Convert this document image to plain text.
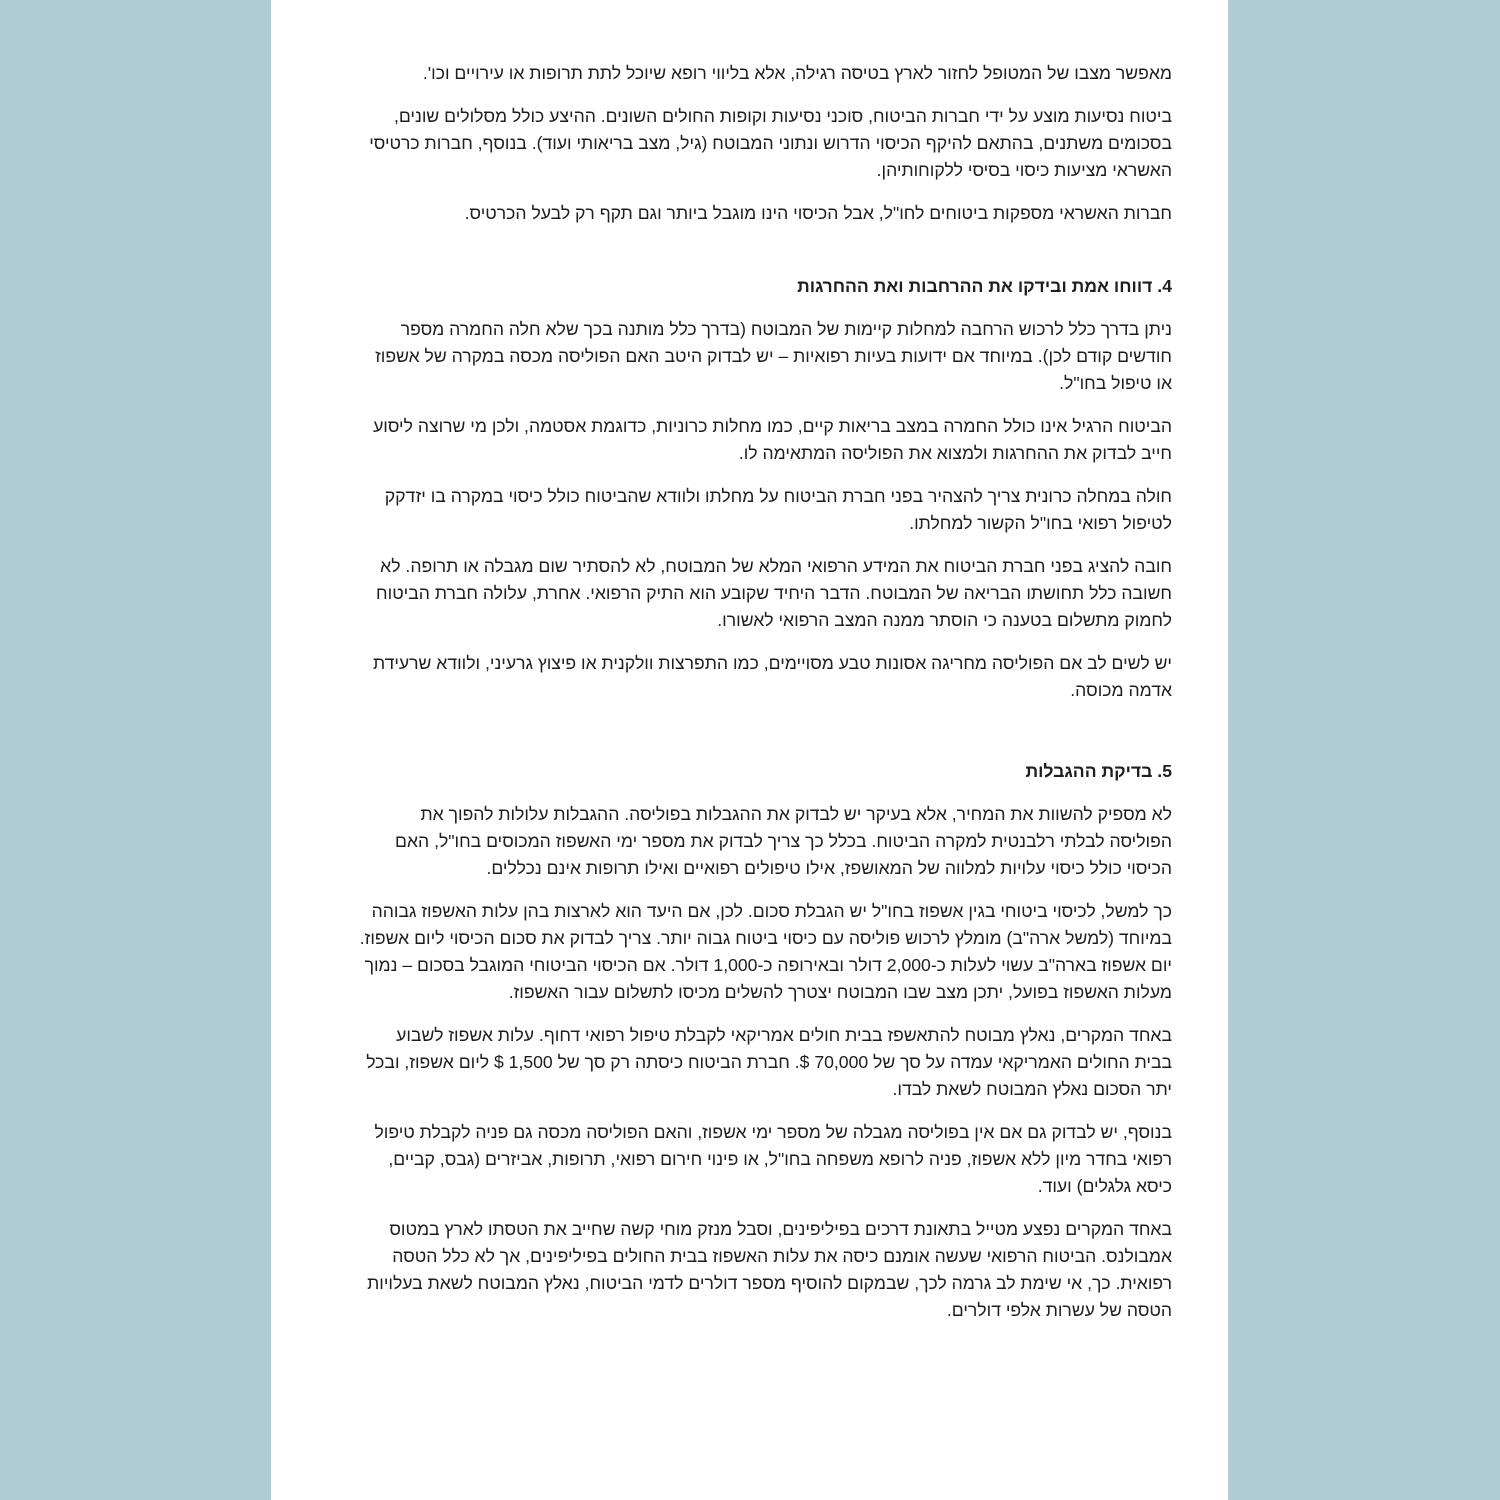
מאפשר מצבו של המטופל לחזור לארץ בטיסה רגילה, אלא בליווי רופא שיוכל לתת תרופות או עירויים וכו'.

ביטוח נסיעות מוצע על ידי חברות הביטוח, סוכני נסיעות וקופות החולים השונים. ההיצע כולל מסלולים שונים, בסכומים משתנים, בהתאם להיקף הכיסוי הדרוש ונתוני המבוטח (גיל, מצב בריאותי ועוד). בנוסף, חברות כרטיסי האשראי מציעות כיסוי בסיסי ללקוחותיהן.

חברות האשראי מספקות ביטוחים לחו"ל, אבל הכיסוי הינו מוגבל ביותר וגם תקף רק לבעל הכרטיס.

4. דווחו אמת ובידקו את ההרחבות ואת ההחרגות

ניתן בדרך כלל לרכוש הרחבה למחלות קיימות של המבוטח (בדרך כלל מותנה בכך שלא חלה החמרה מספר חודשים קודם לכן). במיוחד אם ידועות בעיות רפואיות – יש לבדוק היטב האם הפוליסה מכסה במקרה של אשפוז או טיפול בחו"ל.

הביטוח הרגיל אינו כולל החמרה במצב בריאות קיים, כמו מחלות כרוניות, כדוגמת אסטמה, ולכן מי שרוצה ליסוע חייב לבדוק את ההחרגות ולמצוא את הפוליסה המתאימה לו.

חולה במחלה כרונית צריך להצהיר בפני חברת הביטוח על מחלתו ולוודא שהביטוח כולל כיסוי במקרה בו יזדקק לטיפול רפואי בחו"ל הקשור למחלתו.

חובה להציג בפני חברת הביטוח את המידע הרפואי המלא של המבוטח, לא להסתיר שום מגבלה או תרופה. לא חשובה כלל תחושתו הבריאה של המבוטח. הדבר היחיד שקובע הוא התיק הרפואי. אחרת, עלולה חברת הביטוח לחמוק מתשלום בטענה כי הוסתר ממנה המצב הרפואי לאשורו.

יש לשים לב אם הפוליסה מחריגה אסונות טבע מסויימים, כמו התפרצות וולקנית או פיצוץ גרעיני, ולוודא שרעידת אדמה מכוסה.

5. בדיקת ההגבלות

לא מספיק להשוות את המחיר, אלא בעיקר יש לבדוק את ההגבלות בפוליסה. ההגבלות עלולות להפוך את הפוליסה לבלתי רלבנטית למקרה הביטוח. בכלל כך צריך לבדוק את מספר ימי האשפוז המכוסים בחו"ל, האם הכיסוי כולל כיסוי עלויות למלווה של המאושפז, אילו טיפולים רפואיים ואילו תרופות אינם נכללים.

כך למשל, לכיסוי ביטוחי בגין אשפוז בחו"ל יש הגבלת סכום. לכן, אם היעד הוא לארצות בהן עלות האשפוז גבוהה במיוחד (למשל ארה"ב) מומלץ לרכוש פוליסה עם כיסוי ביטוח גבוה יותר. צריך לבדוק את סכום הכיסוי ליום אשפוז. יום אשפוז בארה"ב עשוי לעלות כ-2,000 דולר ובאירופה כ-1,000 דולר. אם הכיסוי הביטוחי המוגבל בסכום – נמוך מעלות האשפוז בפועל, יתכן מצב שבו המבוטח יצטרך להשלים מכיסו לתשלום עבור האשפוז.

באחד המקרים, נאלץ מבוטח להתאשפז בבית חולים אמריקאי לקבלת טיפול רפואי דחוף. עלות אשפוז לשבוע בבית החולים האמריקאי עמדה על סך של 70,000 $. חברת הביטוח כיסתה רק סך של 1,500 $ ליום אשפוז, ובכל יתר הסכום נאלץ המבוטח לשאת לבדו.

בנוסף, יש לבדוק גם אם אין בפוליסה מגבלה של מספר ימי אשפוז, והאם הפוליסה מכסה גם פניה לקבלת טיפול רפואי בחדר מיון ללא אשפוז, פניה לרופא משפחה בחו"ל, או פינוי חירום רפואי, תרופות, אביזרים (גבס, קביים, כיסא גלגלים) ועוד.

באחד המקרים נפצע מטייל בתאונת דרכים בפיליפינים, וסבל מנזק מוחי קשה שחייב את הטסתו לארץ במטוס אמבולנס. הביטוח הרפואי שעשה אומנם כיסה את עלות האשפוז בבית החולים בפיליפינים, אך לא כלל הטסה רפואית. כך, אי שימת לב גרמה לכך, שבמקום להוסיף מספר דולרים לדמי הביטוח, נאלץ המבוטח לשאת בעלויות הטסה של עשרות אלפי דולרים.
